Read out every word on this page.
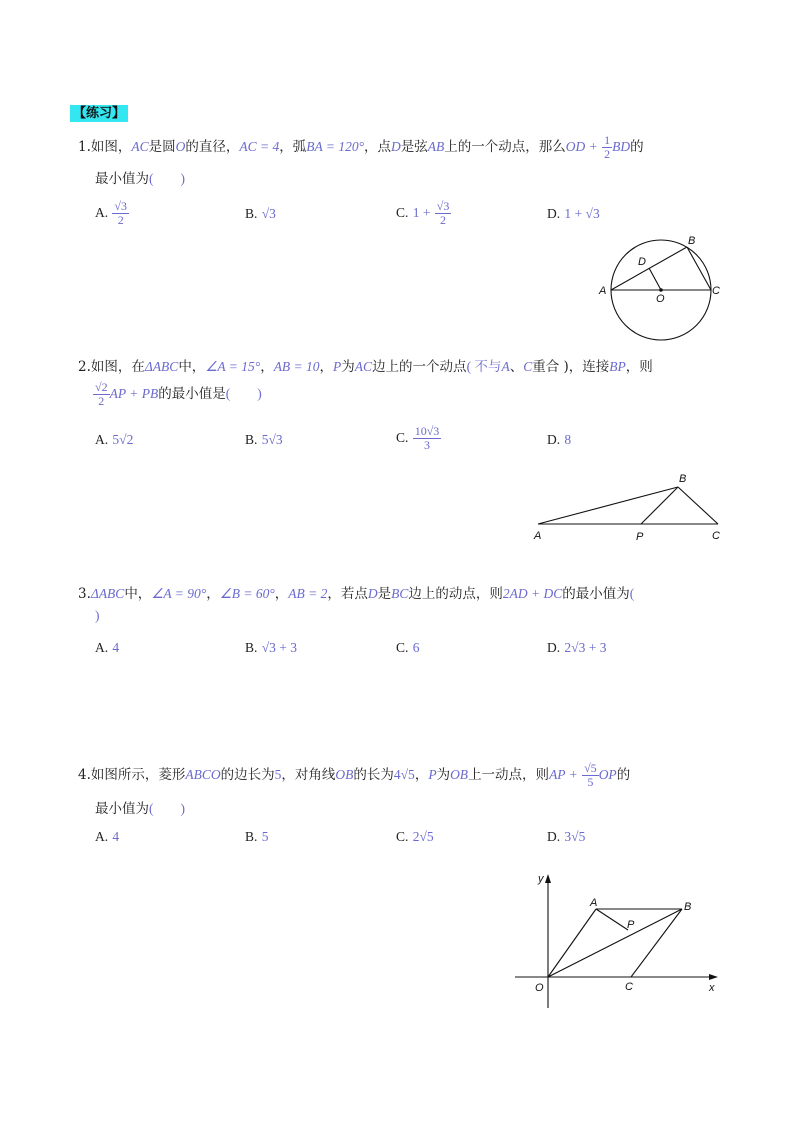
【练习】
1.如图，AC是圆O的直径，AC = 4，弧BA = 120°，点D是弦AB上的一个动点，那么OD + $\frac{1}{2}$ BD的
最小值为(　　)
A. $\frac{√3}{2}$	B. √3	C. $1 + \frac{√3}{2}$	D. 1 + √3
A
B
C
D
O
2.如图，在ΔABC中，∠A = 15°，AB = 10，P为AC边上的一个动点( 不与A、C重合 )，连接BP，则
$\frac{√2}{2}$ AP + PB的最小值是(　　)
A. 5√2	B. 5√3	C. $\frac{10√3}{3}$	D. 8
A
B
C
P
3.ΔABC中，∠A = 90°，∠B = 60°，AB = 2，若点D是BC边上的动点，则2AD + DC的最小值为(
)
A. 4	B. √3 + 3	C. 6	D. 2√3 + 3
4.如图所示，菱形ABCO的边长为5，对角线OB的长为4√5，P为OB上一动点，则AP + $\frac{√5}{5}$ OP的
最小值为(　　)
A. 4	B. 5	C. 2√5	D. 3√5
y
x
O
A	B
C
P
